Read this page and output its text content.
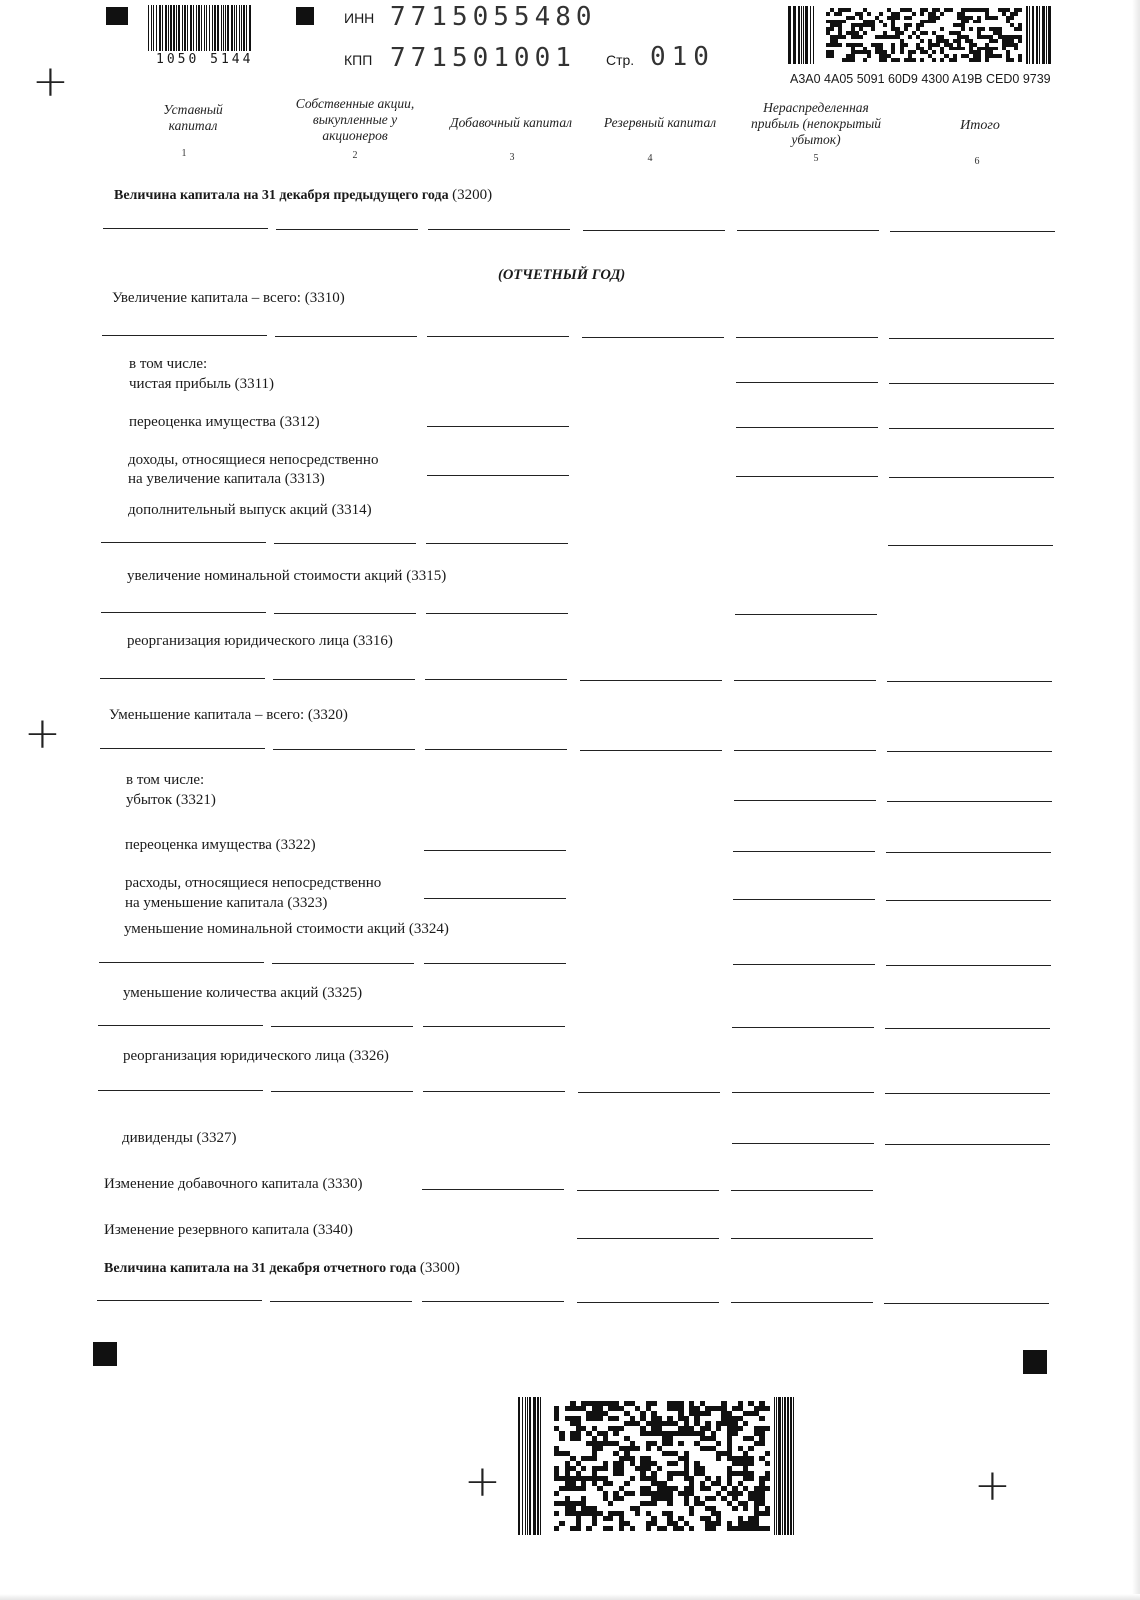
+
+
+	+
1050 5144
ИНН 7715055480
КПП 771501001 Стр. 010
A3A0 4A05 5091 60D9 4300 A19B CED0 9739
Уставный капитал
1
Собственные акции, выкупленные у акционеров
2
Добавочный капитал
3
Резервный капитал
4
Нераспределенная прибыль (непокрытый убыток)
5
Итого
6
Величина капитала на 31 декабря предыдущего года (3200)
(ОТЧЕТНЫЙ ГОД)
Увеличение капитала – всего: (3310)
в том числе:
чистая прибыль (3311)
переоценка имущества (3312)
доходы, относящиеся непосредственно
на увеличение капитала (3313)
дополнительный выпуск акций (3314)
увеличение номинальной стоимости акций (3315)
реорганизация юридического лица (3316)
Уменьшение капитала – всего: (3320)
в том числе:
убыток (3321)
переоценка имущества (3322)
расходы, относящиеся непосредственно
на уменьшение капитала (3323)
уменьшение номинальной стоимости акций (3324)
уменьшение количества акций (3325)
реорганизация юридического лица (3326)
дивиденды (3327)
Изменение добавочного капитала (3330)
Изменение резервного капитала (3340)
Величина капитала на 31 декабря отчетного года (3300)
